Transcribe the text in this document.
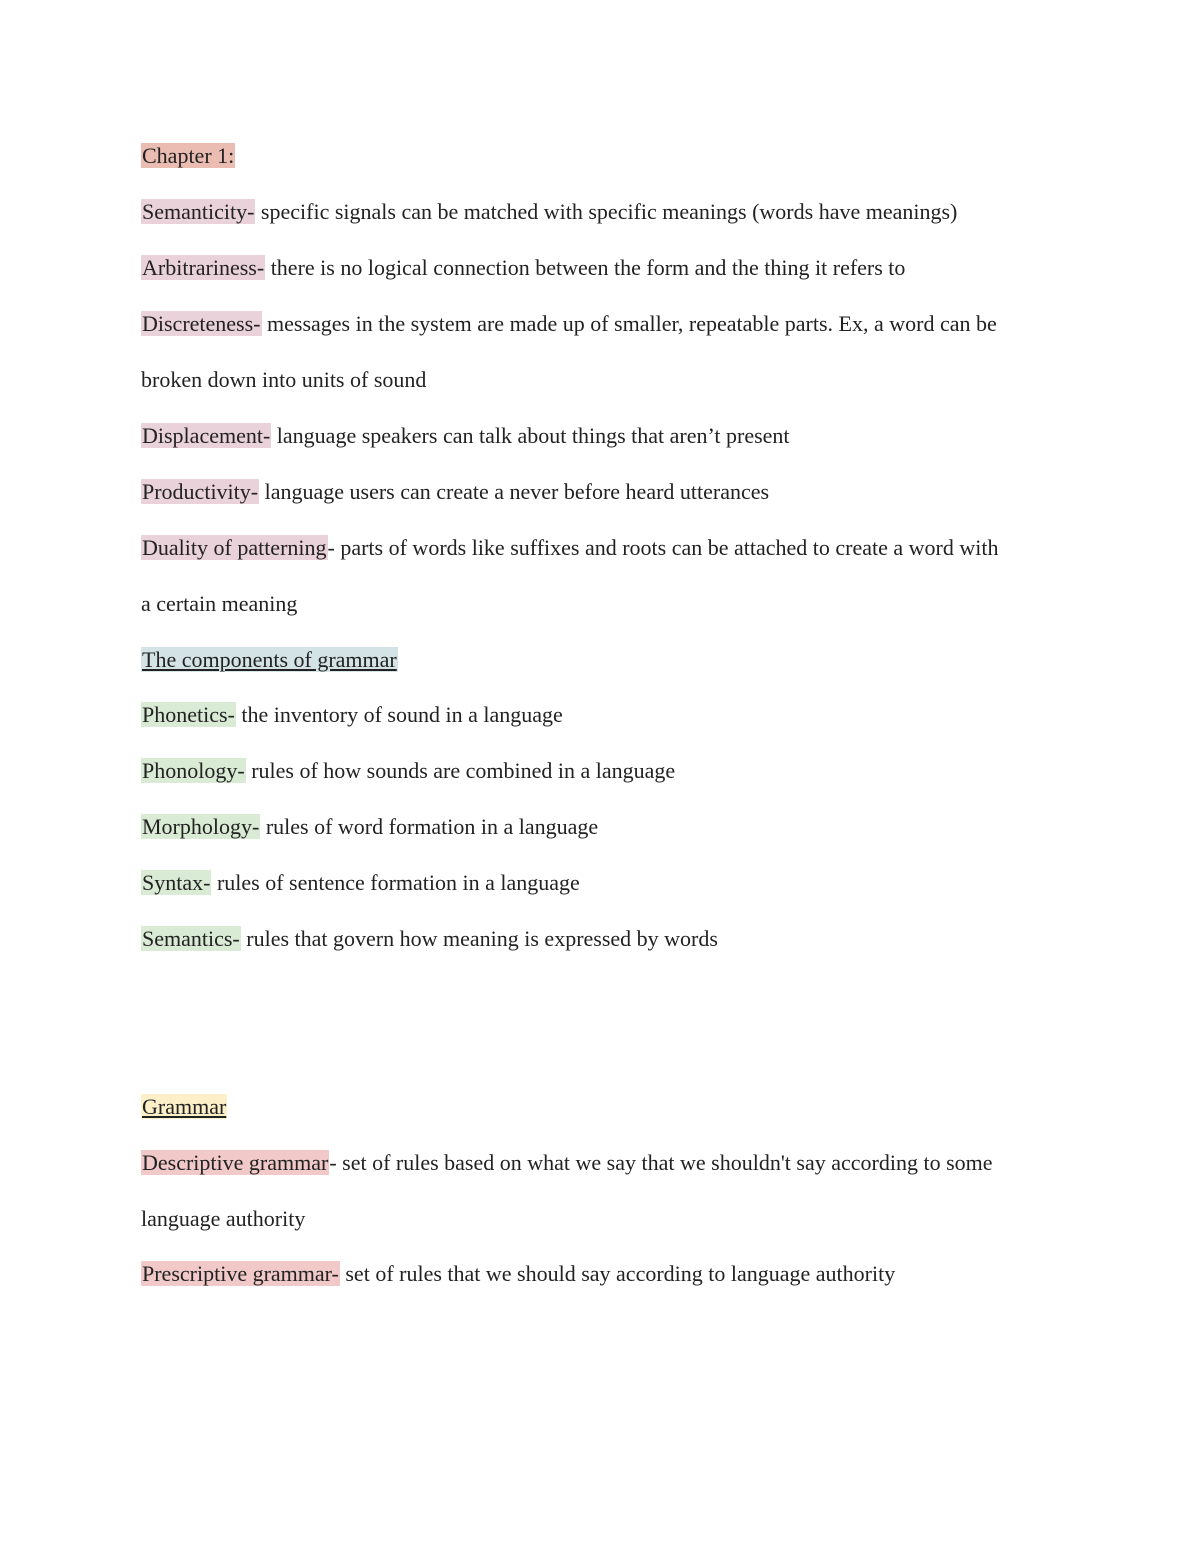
Chapter 1:
Semanticity- specific signals can be matched with specific meanings (words have meanings)
Arbitrariness- there is no logical connection between the form and the thing it refers to
Discreteness- messages in the system are made up of smaller, repeatable parts. Ex, a word can be
broken down into units of sound
Displacement- language speakers can talk about things that aren’t present
Productivity- language users can create a never before heard utterances
Duality of patterning- parts of words like suffixes and roots can be attached to create a word with
a certain meaning
The components of grammar
Phonetics- the inventory of sound in a language
Phonology- rules of how sounds are combined in a language
Morphology- rules of word formation in a language
Syntax- rules of sentence formation in a language
Semantics- rules that govern how meaning is expressed by words
Grammar
Descriptive grammar- set of rules based on what we say that we shouldn't say according to some
language authority
Prescriptive grammar- set of rules that we should say according to language authority
